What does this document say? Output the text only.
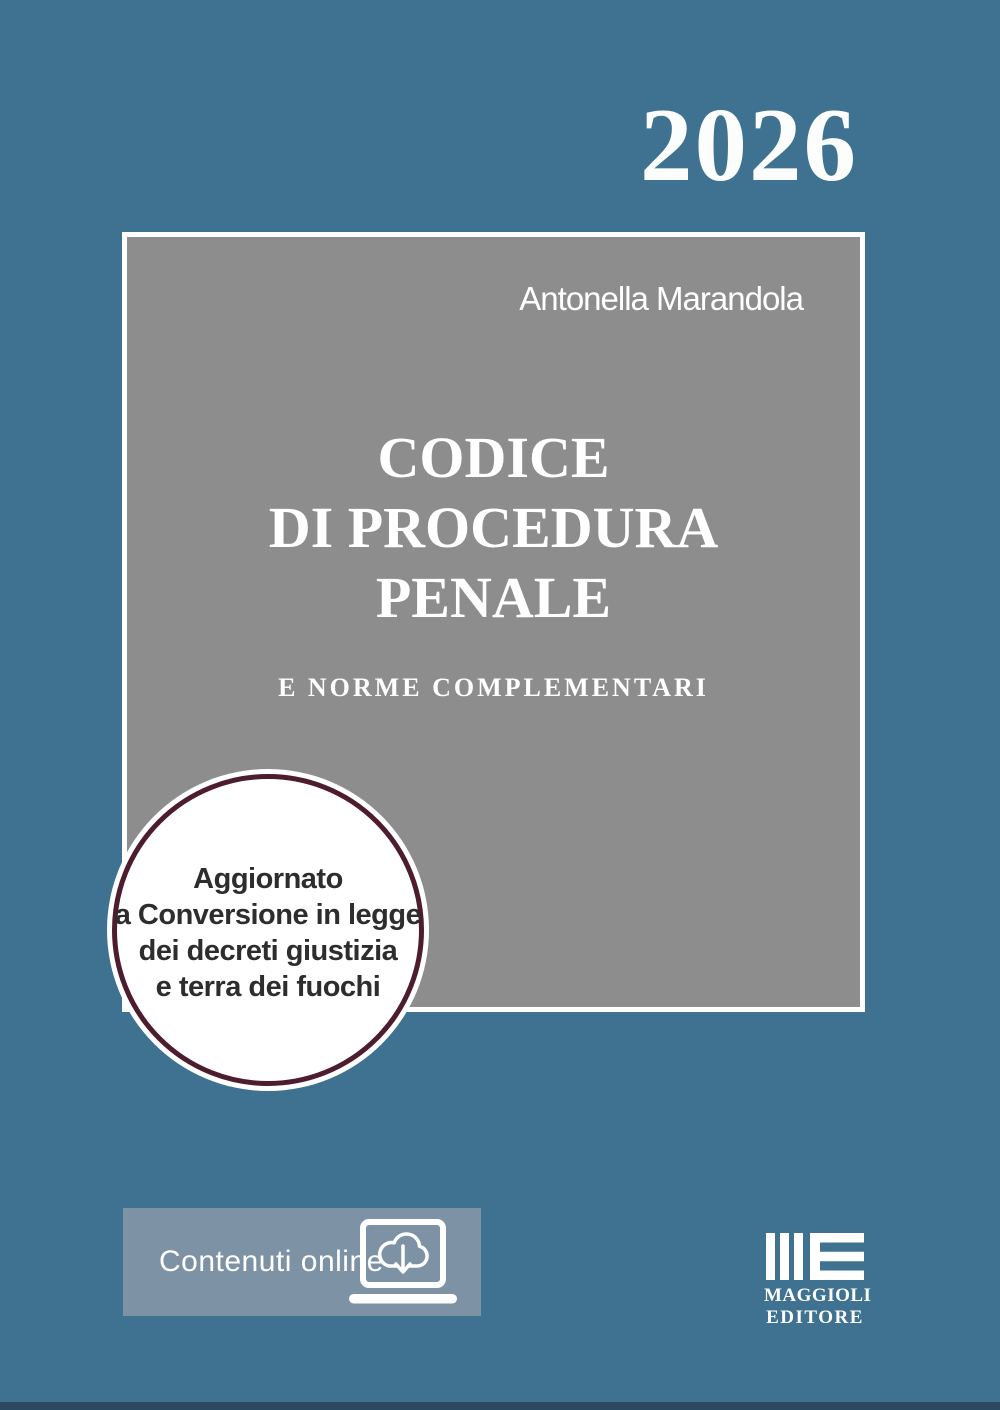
2026
Antonella Marandola
CODICE
DI PROCEDURA
PENALE
E NORME COMPLEMENTARI
Aggiornato
a Conversione in legge
dei decreti giustizia
e terra dei fuochi
Contenuti online
MAGGIOLI
EDITORE
